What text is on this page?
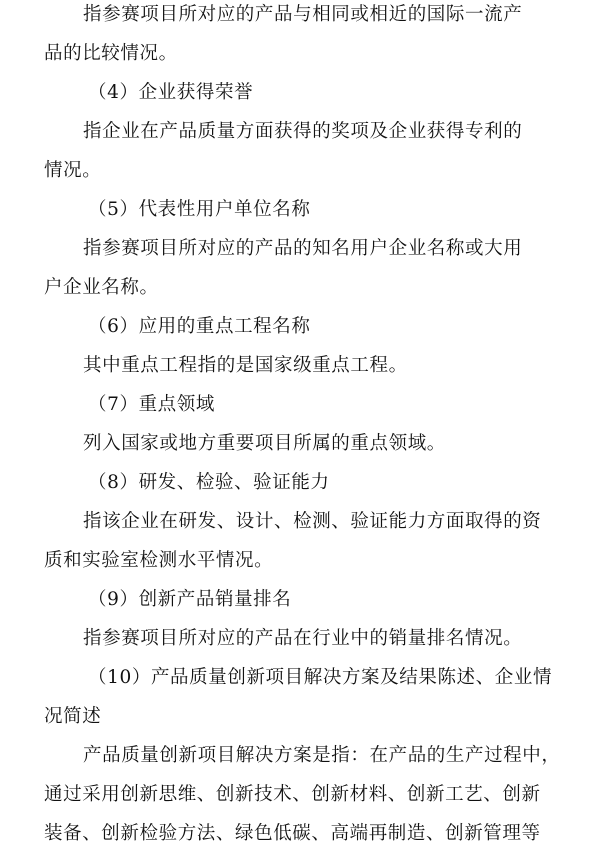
指参赛项目所对应的产品与相同或相近的国际一流产
品的比较情况。
（4）企业获得荣誉
指企业在产品质量方面获得的奖项及企业获得专利的
情况。
（5）代表性用户单位名称
指参赛项目所对应的产品的知名用户企业名称或大用
户企业名称。
（6）应用的重点工程名称
其中重点工程指的是国家级重点工程。
（7）重点领域
列入国家或地方重要项目所属的重点领域。
（8）研发、检验、验证能力
指该企业在研发、设计、检测、验证能力方面取得的资
质和实验室检测水平情况。
（9）创新产品销量排名
指参赛项目所对应的产品在行业中的销量排名情况。
（10）产品质量创新项目解决方案及结果陈述、企业情
况简述
产品质量创新项目解决方案是指：在产品的生产过程中，
通过采用创新思维、创新技术、创新材料、创新工艺、创新
装备、创新检验方法、绿色低碳、高端再制造、创新管理等
